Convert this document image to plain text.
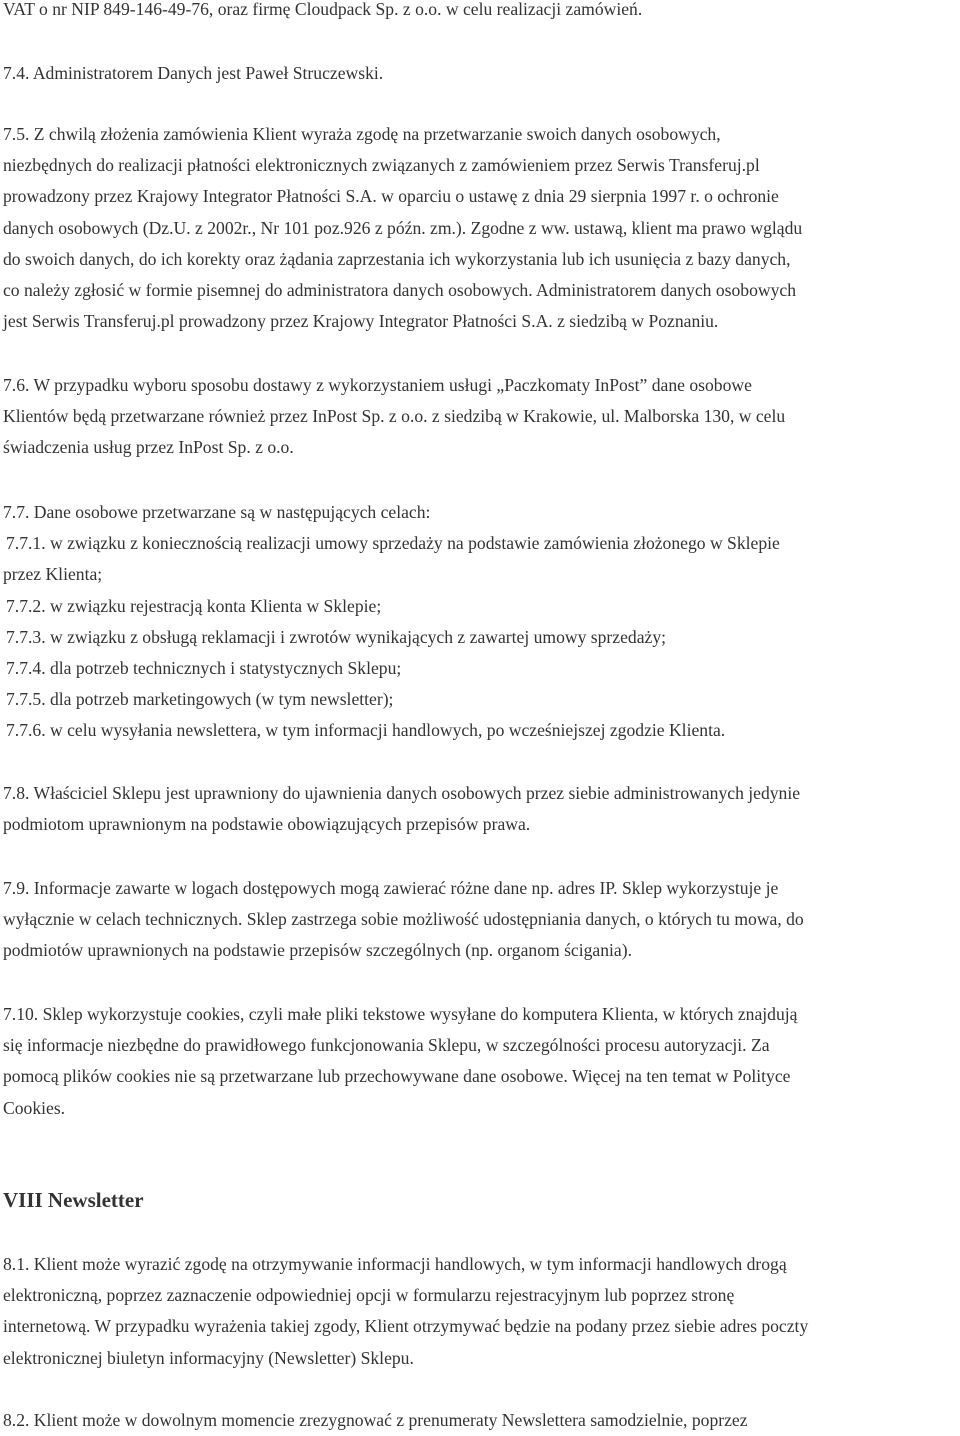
VAT o nr NIP 849-146-49-76, oraz firmę Cloudpack Sp. z o.o. w celu realizacji zamówień.
7.4. Administratorem Danych jest Paweł Struczewski.
7.5. Z chwilą złożenia zamówienia Klient wyraża zgodę na przetwarzanie swoich danych osobowych,
niezbędnych do realizacji płatności elektronicznych związanych z zamówieniem przez Serwis Transferuj.pl
prowadzony przez Krajowy Integrator Płatności S.A. w oparciu o ustawę z dnia 29 sierpnia 1997 r. o ochronie
danych osobowych (Dz.U. z 2002r., Nr 101 poz.926 z późn. zm.). Zgodne z ww. ustawą, klient ma prawo wglądu
do swoich danych, do ich korekty oraz żądania zaprzestania ich wykorzystania lub ich usunięcia z bazy danych,
co należy zgłosić w formie pisemnej do administratora danych osobowych. Administratorem danych osobowych
jest Serwis Transferuj.pl prowadzony przez Krajowy Integrator Płatności S.A. z siedzibą w Poznaniu.
7.6. W przypadku wyboru sposobu dostawy z wykorzystaniem usługi „Paczkomaty InPost” dane osobowe
Klientów będą przetwarzane również przez InPost Sp. z o.o. z siedzibą w Krakowie, ul. Malborska 130, w celu
świadczenia usług przez InPost Sp. z o.o.
7.7. Dane osobowe przetwarzane są w następujących celach:
7.7.1. w związku z koniecznością realizacji umowy sprzedaży na podstawie zamówienia złożonego w Sklepie
przez Klienta;
7.7.2. w związku rejestracją konta Klienta w Sklepie;
7.7.3. w związku z obsługą reklamacji i zwrotów wynikających z zawartej umowy sprzedaży;
7.7.4. dla potrzeb technicznych i statystycznych Sklepu;
7.7.5. dla potrzeb marketingowych (w tym newsletter);
7.7.6. w celu wysyłania newslettera, w tym informacji handlowych, po wcześniejszej zgodzie Klienta.
7.8. Właściciel Sklepu jest uprawniony do ujawnienia danych osobowych przez siebie administrowanych jedynie
podmiotom uprawnionym na podstawie obowiązujących przepisów prawa.
7.9. Informacje zawarte w logach dostępowych mogą zawierać różne dane np. adres IP. Sklep wykorzystuje je
wyłącznie w celach technicznych. Sklep zastrzega sobie możliwość udostępniania danych, o których tu mowa, do
podmiotów uprawnionych na podstawie przepisów szczególnych (np. organom ścigania).
7.10. Sklep wykorzystuje cookies, czyli małe pliki tekstowe wysyłane do komputera Klienta, w których znajdują
się informacje niezbędne do prawidłowego funkcjonowania Sklepu, w szczególności procesu autoryzacji. Za
pomocą plików cookies nie są przetwarzane lub przechowywane dane osobowe. Więcej na ten temat w Polityce
Cookies.
VIII Newsletter
8.1. Klient może wyrazić zgodę na otrzymywanie informacji handlowych, w tym informacji handlowych drogą
elektroniczną, poprzez zaznaczenie odpowiedniej opcji w formularzu rejestracyjnym lub poprzez stronę
internetową. W przypadku wyrażenia takiej zgody, Klient otrzymywać będzie na podany przez siebie adres poczty
elektronicznej biuletyn informacyjny (Newsletter) Sklepu.
8.2. Klient może w dowolnym momencie zrezygnować z prenumeraty Newslettera samodzielnie, poprzez
